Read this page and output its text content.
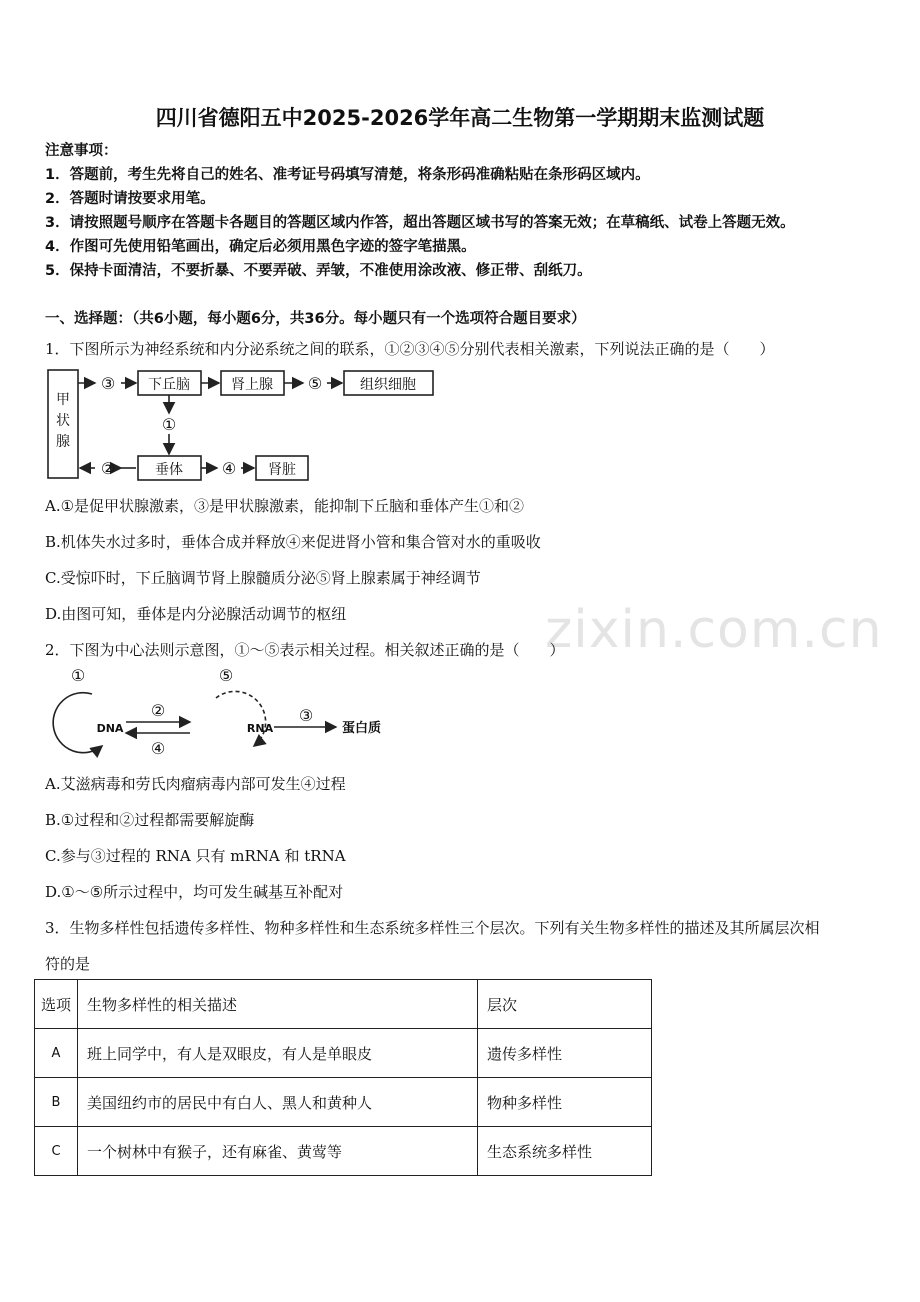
zixin.com.cn
四川省德阳五中2025-2026学年高二生物第一学期期末监测试题
注意事项：
1．答题前，考生先将自己的姓名、准考证号码填写清楚，将条形码准确粘贴在条形码区域内。
2．答题时请按要求用笔。
3．请按照题号顺序在答题卡各题目的答题区域内作答，超出答题区域书写的答案无效；在草稿纸、试卷上答题无效。
4．作图可先使用铅笔画出，确定后必须用黑色字迹的签字笔描黑。
5．保持卡面清洁，不要折暴、不要弄破、弄皱，不准使用涂改液、修正带、刮纸刀。
一、选择题：（共6小题，每小题6分，共36分。每小题只有一个选项符合题目要求）
1．下图所示为神经系统和内分泌系统之间的联系，①②③④⑤分别代表相关激素，下列说法正确的是（　　）
甲
状
腺
下丘脑	肾上腺	组织细胞
垂体	肾脏
③	⑤
①
②	④
A.①是促甲状腺激素，③是甲状腺激素，能抑制下丘脑和垂体产生①和②
B.机体失水过多时，垂体合成并释放④来促进肾小管和集合管对水的重吸收
C.受惊吓时，下丘脑调节肾上腺髓质分泌⑤肾上腺素属于神经调节
D.由图可知，垂体是内分泌腺活动调节的枢纽
2．下图为中心法则示意图，①～⑤表示相关过程。相关叙述正确的是（　　）
①	⑤
②
④
③
DNA	RNA	蛋白质
A.艾滋病毒和劳氏肉瘤病毒内部可发生④过程
B.①过程和②过程都需要解旋酶
C.参与③过程的 RNA 只有 mRNA 和 tRNA
D.①～⑤所示过程中，均可发生碱基互补配对
3．生物多样性包括遗传多样性、物种多样性和生态系统多样性三个层次。下列有关生物多样性的描述及其所属层次相
符的是
选项	生物多样性的相关描述	层次
A	班上同学中，有人是双眼皮，有人是单眼皮	遗传多样性
B	美国纽约市的居民中有白人、黑人和黄种人	物种多样性
C	一个树林中有猴子，还有麻雀、黄莺等	生态系统多样性
